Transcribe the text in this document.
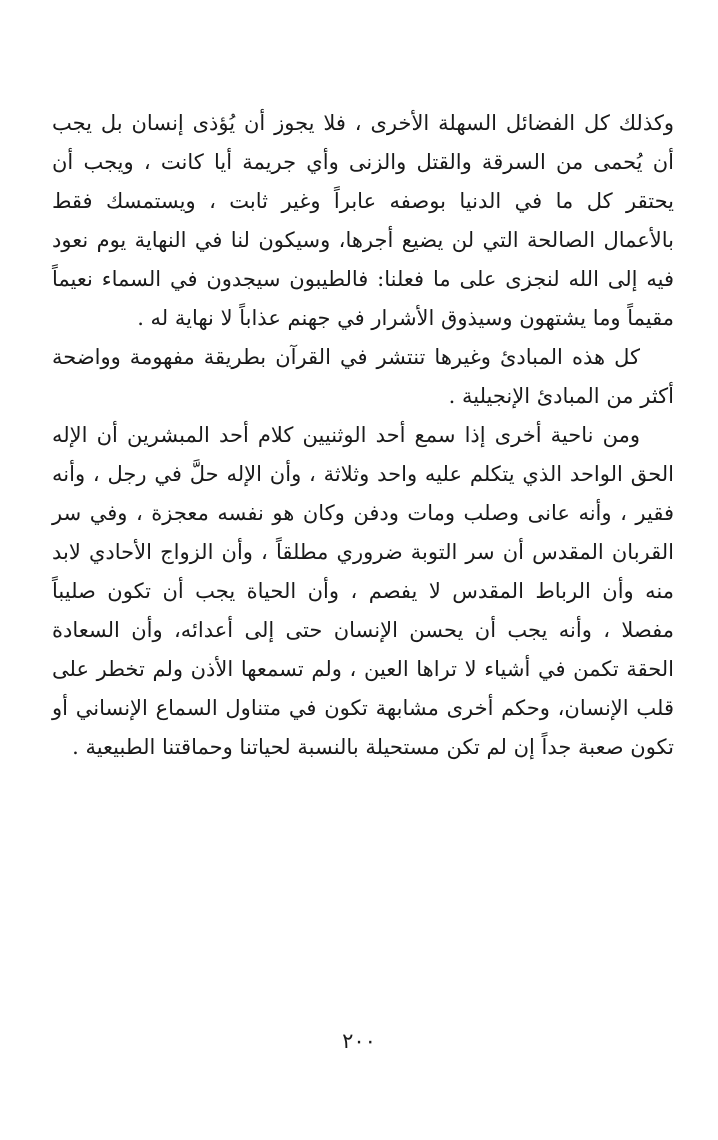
وكذلك كل الفضائل السهلة الأخرى ، فلا يجوز أن يُؤذى إنسان بل يجب أن يُحمى من السرقة والقتل والزنى وأي جريمة أيا كانت ، ويجب أن يحتقر كل ما في الدنيا بوصفه عابراً وغير ثابت ، ويستمسك فقط بالأعمال الصالحة التي لن يضيع أجرها، وسيكون لنا في النهاية يوم نعود فيه إلى الله لنجزى على ما فعلنا: فالطيبون سيجدون في السماء نعيماً مقيماً وما يشتهون وسيذوق الأشرار في جهنم عذاباً لا نهاية له .

كل هذه المبادئ وغيرها تنتشر في القرآن بطريقة مفهومة وواضحة أكثر من المبادئ الإنجيلية .

ومن ناحية أخرى إذا سمع أحد الوثنيين كلام أحد المبشرين أن الإله الحق الواحد الذي يتكلم عليه واحد وثلاثة ، وأن الإله حلَّ في رجل ، وأنه فقير ، وأنه عانى وصلب ومات ودفن وكان هو نفسه معجزة ، وفي سر القربان المقدس أن سر التوبة ضروري مطلقاً ، وأن الزواج الأحادي لابد منه وأن الرباط المقدس لا يفصم ، وأن الحياة يجب أن تكون صليباً مفصلا ، وأنه يجب أن يحسن الإنسان حتى إلى أعدائه، وأن السعادة الحقة تكمن في أشياء لا تراها العين ، ولم تسمعها الأذن ولم تخطر على قلب الإنسان، وحكم أخرى مشابهة تكون في متناول السماع الإنساني أو تكون صعبة جداً إن لم تكن مستحيلة بالنسبة لحياتنا وحماقتنا الطبيعية .

٢٠٠
